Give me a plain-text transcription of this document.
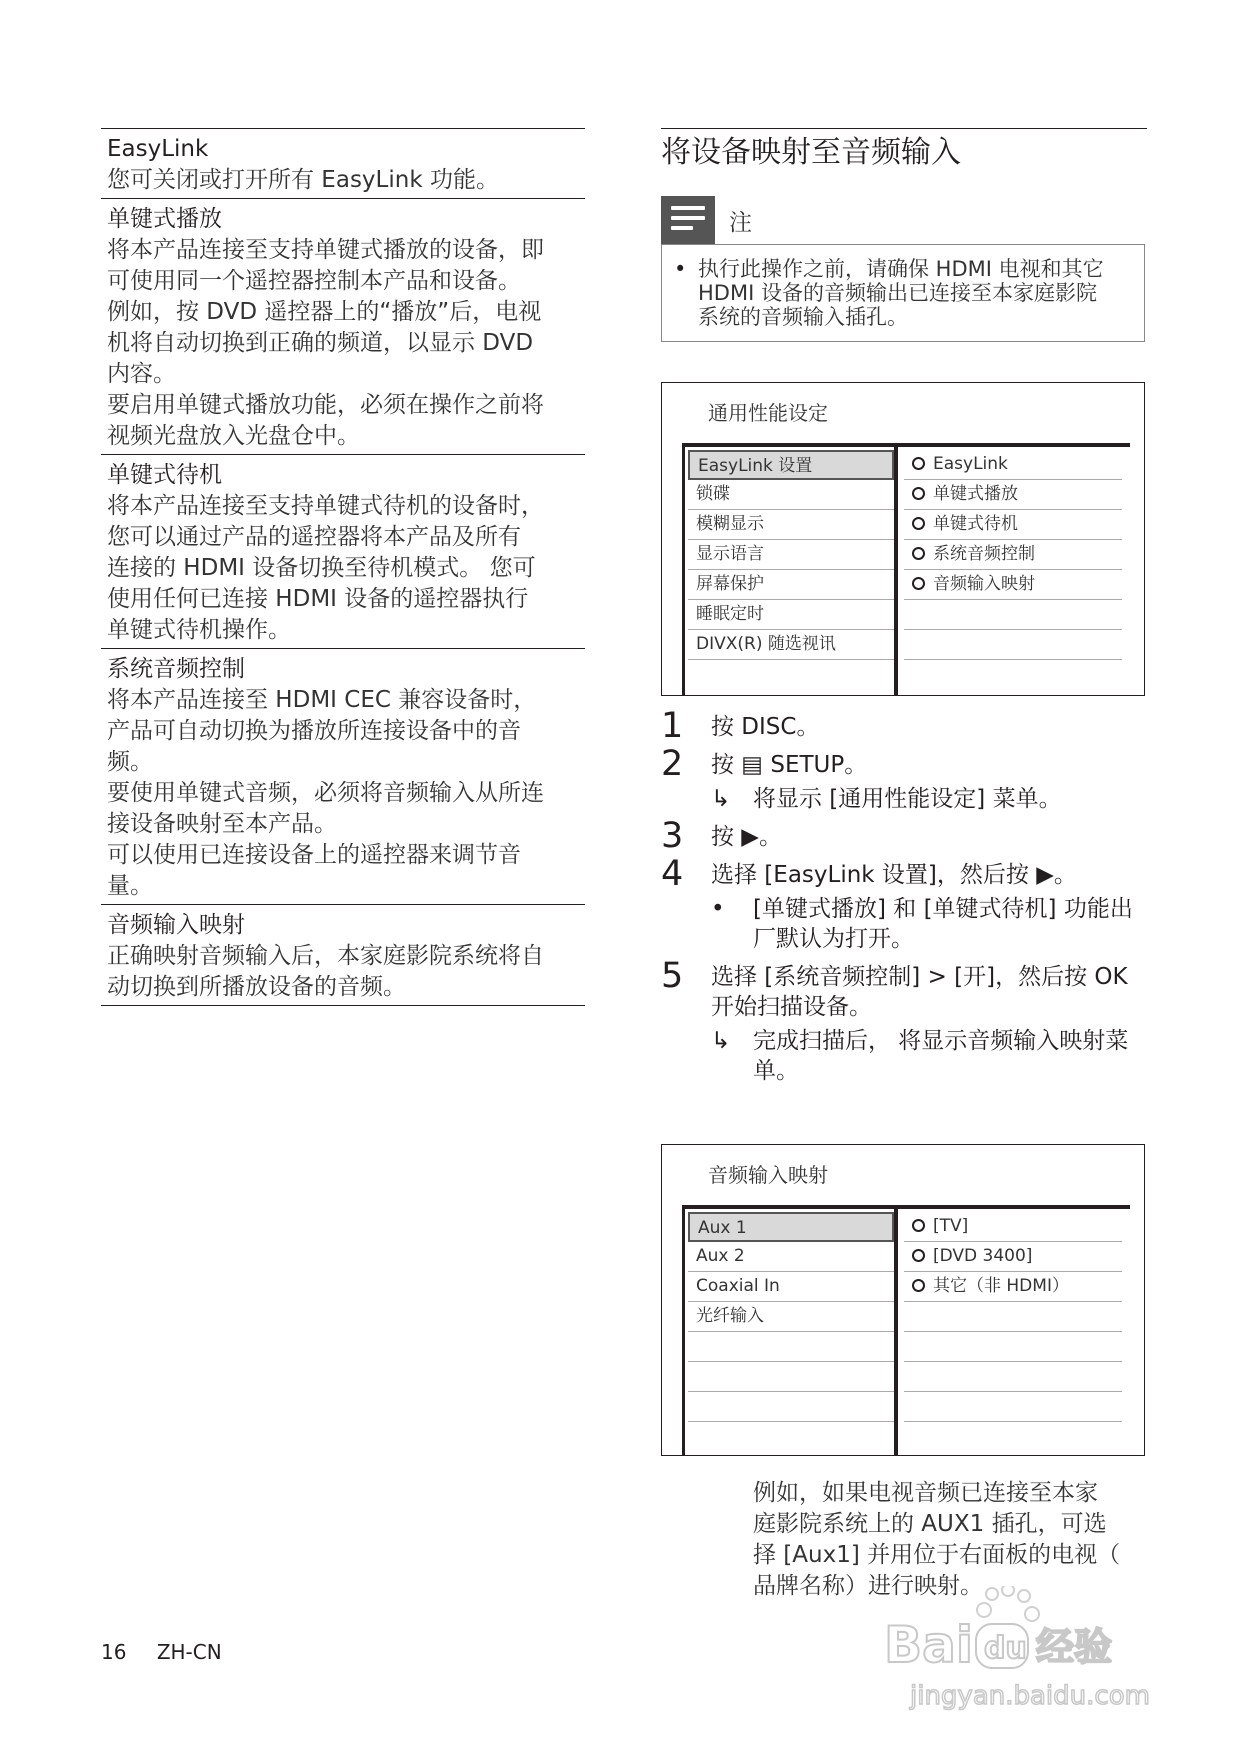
EasyLink

您可关闭或打开所有 EasyLink 功能。

单键式播放

将本产品连接至支持单键式播放的设备，即

可使用同一个遥控器控制本产品和设备。

例如，按 DVD 遥控器上的“播放”后，电视

机将自动切换到正确的频道，以显示 DVD

内容。

要启用单键式播放功能，必须在操作之前将

视频光盘放入光盘仓中。

单键式待机

将本产品连接至支持单键式待机的设备时，

您可以通过产品的遥控器将本产品及所有

连接的 HDMI 设备切换至待机模式。 您可

使用任何已连接 HDMI 设备的遥控器执行

单键式待机操作。

系统音频控制

将本产品连接至 HDMI CEC 兼容设备时，

产品可自动切换为播放所连接设备中的音

频。

要使用单键式音频，必须将音频输入从所连

接设备映射至本产品。

可以使用已连接设备上的遥控器来调节音

量。

音频输入映射

正确映射音频输入后，本家庭影院系统将自

动切换到所播放设备的音频。

将设备映射至音频输入
注
• 执行此操作之前，请确保 HDMI 电视和其它
HDMI 设备的音频输出已连接至本家庭影院
系统的音频输入插孔。
通用性能设定
EasyLink 设置
锁碟
模糊显示
显示语言
屏幕保护
睡眠定时
DIVX(R) 随选视讯
EasyLink
单键式播放
单键式待机
系统音频控制
音频输入映射
1 按 DISC。
2 按 ▤ SETUP。
↳ 将显示 [通用性能设定] 菜单。
3 按 ▶。
4 选择 [EasyLink 设置]，然后按 ▶。
• [单键式播放] 和 [单键式待机] 功能出厂默认为打开。
5 选择 [系统音频控制] > [开]，然后按 OK 开始扫描设备。
↳ 完成扫描后， 将显示音频输入映射菜单。
音频输入映射
Aux 1
Aux 2
Coaxial In
光纤输入
[TV]
[DVD 3400]
其它（非 HDMI）
例如，如果电视音频已连接至本家
庭影院系统上的 AUX1 插孔，可选
择 [Aux1] 并用位于右面板的电视（
品牌名称）进行映射。
16 ZH-CN	Bai du 经验
jingyan.baidu.com
